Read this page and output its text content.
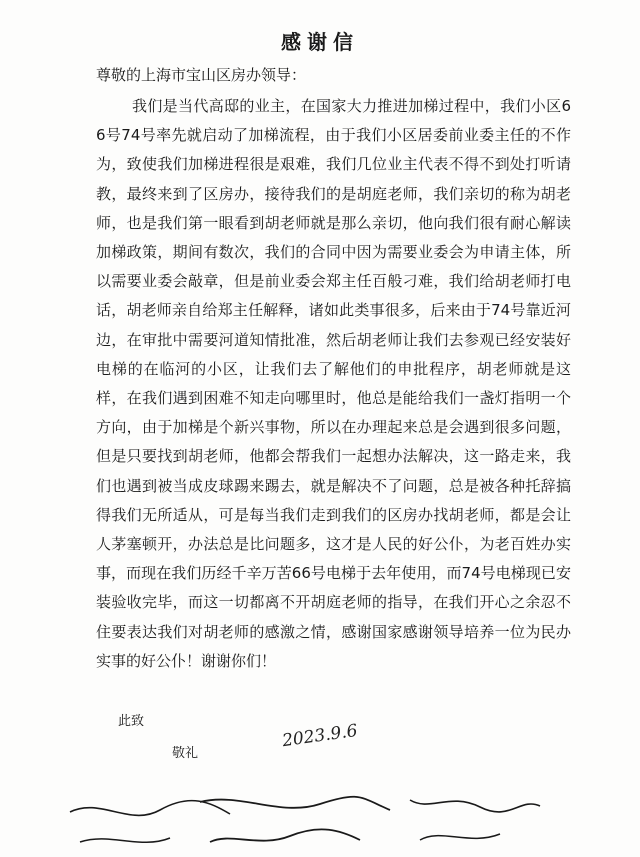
感谢信
尊敬的上海市宝山区房办领导：
我们是当代高邸的业主，在国家大力推进加梯过程中，我们小区66号74号率先就启动了加梯流程，由于我们小区居委前业委主任的不作为，致使我们加梯进程很是艰难，我们几位业主代表不得不到处打听请教，最终来到了区房办，接待我们的是胡庭老师，我们亲切的称为胡老师，也是我们第一眼看到胡老师就是那么亲切，他向我们很有耐心解读加梯政策，期间有数次，我们的合同中因为需要业委会为申请主体，所以需要业委会敲章，但是前业委会郑主任百般刁难，我们给胡老师打电话，胡老师亲自给郑主任解释，诸如此类事很多，后来由于74号靠近河边，在审批中需要河道知情批准，然后胡老师让我们去参观已经安装好电梯的在临河的小区，让我们去了解他们的申批程序，胡老师就是这样，在我们遇到困难不知走向哪里时，他总是能给我们一盏灯指明一个方向，由于加梯是个新兴事物，所以在办理起来总是会遇到很多问题，但是只要找到胡老师，他都会帮我们一起想办法解决，这一路走来，我们也遇到被当成皮球踢来踢去，就是解决不了问题，总是被各种托辞搞得我们无所适从，可是每当我们走到我们的区房办找胡老师，都是会让人茅塞顿开，办法总是比问题多，这才是人民的好公仆，为老百姓办实事，而现在我们历经千辛万苦66号电梯于去年使用，而74号电梯现已安装验收完毕，而这一切都离不开胡庭老师的指导，在我们开心之余忍不住要表达我们对胡老师的感激之情，感谢国家感谢领导培养一位为民办实事的好公仆！谢谢你们！
此致
敬礼
2023.9.6
